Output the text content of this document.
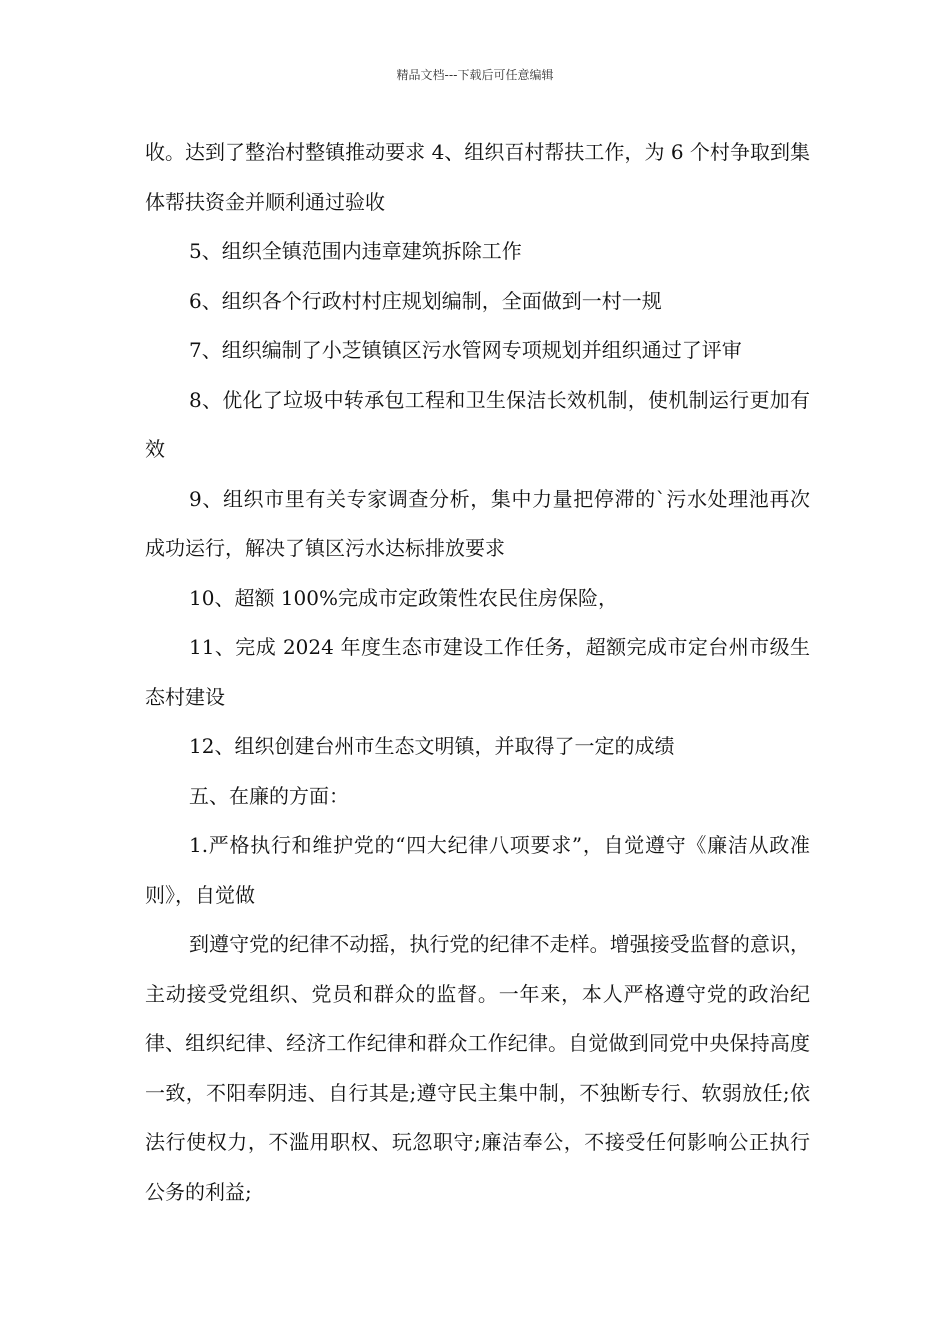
精品文档---下载后可任意编辑

收。达到了整治村整镇推动要求 4、组织百村帮扶工作，为 6 个村争取到集体帮扶资金并顺利通过验收

5、组织全镇范围内违章建筑拆除工作

6、组织各个行政村村庄规划编制，全面做到一村一规

7、组织编制了小芝镇镇区污水管网专项规划并组织通过了评审

8、优化了垃圾中转承包工程和卫生保洁长效机制，使机制运行更加有效

9、组织市里有关专家调查分析，集中力量把停滞的`污水处理池再次成功运行，解决了镇区污水达标排放要求

10、超额 100%完成市定政策性农民住房保险，

11、完成 2024 年度生态市建设工作任务，超额完成市定台州市级生态村建设

12、组织创建台州市生态文明镇，并取得了一定的成绩

五、在廉的方面：

1.严格执行和维护党的“四大纪律八项要求”，自觉遵守《廉洁从政准则》，自觉做

到遵守党的纪律不动摇，执行党的纪律不走样。增强接受监督的意识，主动接受党组织、党员和群众的监督。一年来，本人严格遵守党的政治纪律、组织纪律、经济工作纪律和群众工作纪律。自觉做到同党中央保持高度一致，不阳奉阴违、自行其是;遵守民主集中制，不独断专行、软弱放任;依法行使权力，不滥用职权、玩忽职守;廉洁奉公，不接受任何影响公正执行公务的利益;
